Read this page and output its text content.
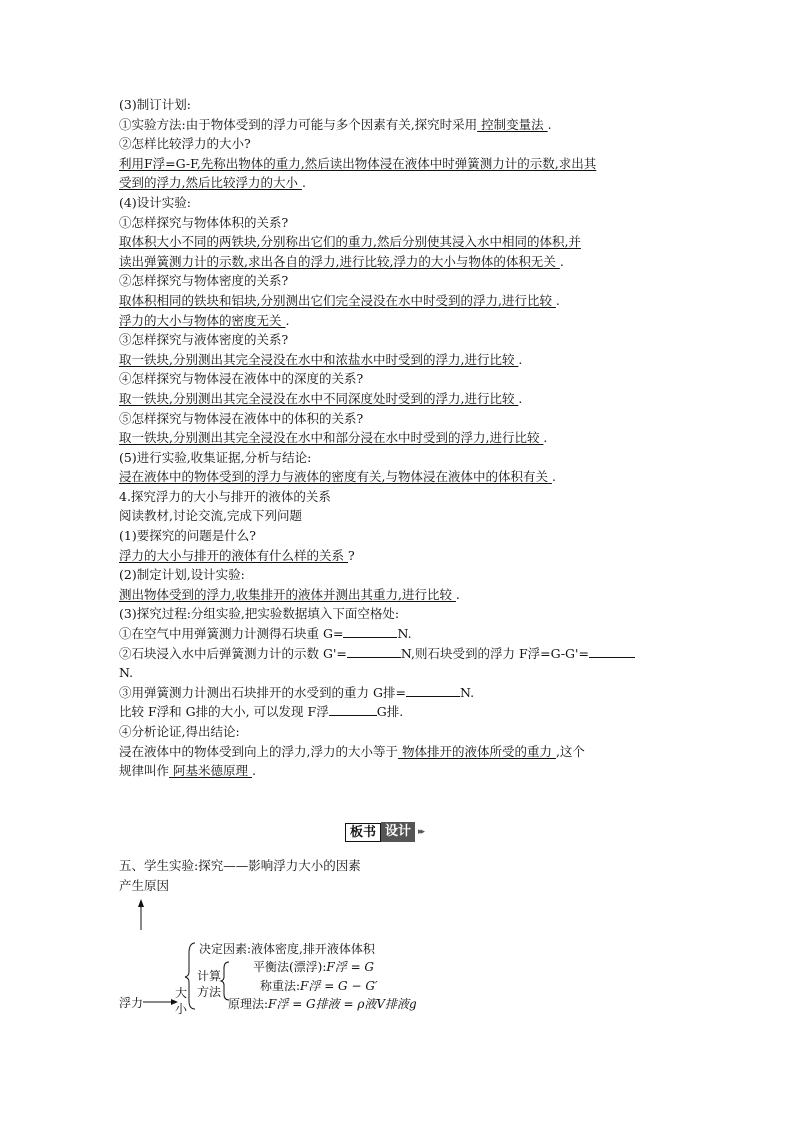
(3)制订计划:
①实验方法:由于物体受到的浮力可能与多个因素有关,探究时采用 控制变量法 .
②怎样比较浮力的大小?
利用F浮=G-F,先称出物体的重力,然后读出物体浸在液体中时弹簧测力计的示数,求出其
受到的浮力,然后比较浮力的大小 .
(4)设计实验:
①怎样探究与物体体积的关系?
取体积大小不同的两铁块,分别称出它们的重力,然后分别使其浸入水中相同的体积,并
读出弹簧测力计的示数,求出各自的浮力,进行比较,浮力的大小与物体的体积无关 .
②怎样探究与物体密度的关系?
取体积相同的铁块和铝块,分别测出它们完全浸没在水中时受到的浮力,进行比较 .
浮力的大小与物体的密度无关 .
③怎样探究与液体密度的关系?
取一铁块,分别测出其完全浸没在水中和浓盐水中时受到的浮力,进行比较 .
④怎样探究与物体浸在液体中的深度的关系?
取一铁块,分别测出其完全浸没在水中不同深度处时受到的浮力,进行比较 .
⑤怎样探究与物体浸在液体中的体积的关系?
取一铁块,分别测出其完全浸没在水中和部分浸在水中时受到的浮力,进行比较 .
(5)进行实验,收集证据,分析与结论:
浸在液体中的物体受到的浮力与液体的密度有关,与物体浸在液体中的体积有关 .
4.探究浮力的大小与排开的液体的关系
阅读教材,讨论交流,完成下列问题
(1)要探究的问题是什么?
浮力的大小与排开的液体有什么样的关系 ?
(2)制定计划,设计实验:
测出物体受到的浮力,收集排开的液体并测出其重力,进行比较 .
(3)探究过程:分组实验,把实验数据填入下面空格处:
①在空气中用弹簧测力计测得石块重 G=	N.
②石块浸入水中后弹簧测力计的示数 G'=	N,则石块受到的浮力 F浮=G-G'=
N.
③用弹簧测力计测出石块排开的水受到的重力 G排=	N.
比较 F浮和 G排的大小, 可以发现 F浮	G排.
④分析论证,得出结论:
浸在液体中的物体受到向上的浮力,浮力的大小等于 物体排开的液体所受的重力 ,这个
规律叫作 阿基米德原理 .
板书 设计 ▸▸
五、学生实验:探究——影响浮力大小的因素
产生原因
浮力
大
小
决定因素:液体密度,排开液体体积
计算
方法
平衡法(漂浮):F浮 = G
称重法:F浮 = G − G′
原理法:F浮 = G排液 = ρ液V排液g
